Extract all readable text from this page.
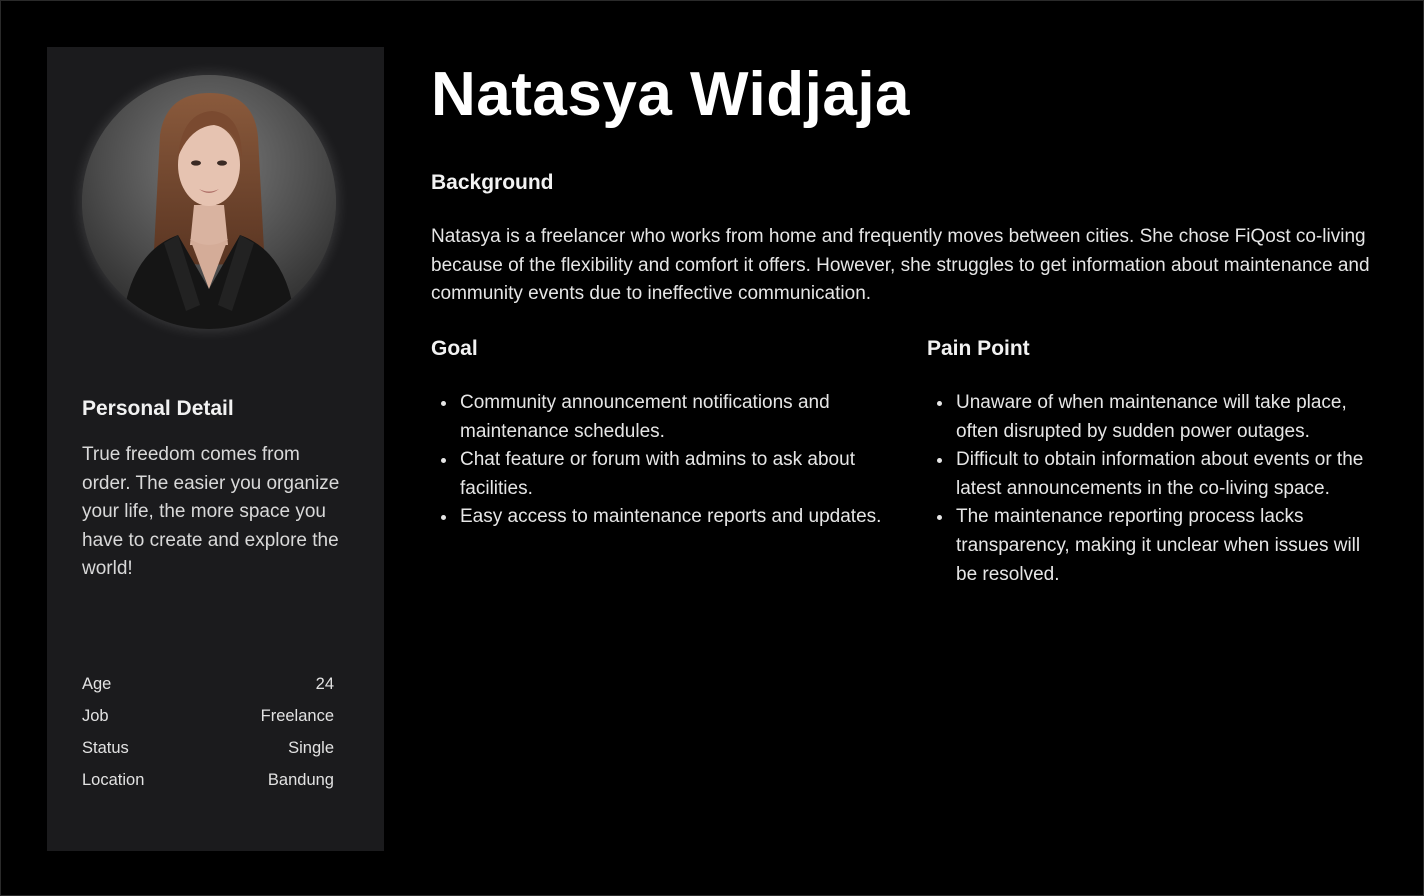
Personal Detail
True freedom comes from order. The easier you organize your life, the more space you have to create and explore the world!
Age	24
Job	Freelance
Status	Single
Location	Bandung
Natasya Widjaja
Background

Natasya is a freelancer who works from home and frequently moves between cities. She chose FiQost co-living because of the flexibility and comfort it offers. However, she struggles to get information about maintenance and community events due to ineffective communication.

Goal
Community announcement notifications and maintenance schedules.
Chat feature or forum with admins to ask about facilities.
Easy access to maintenance reports and updates.
Pain Point
Unaware of when maintenance will take place, often disrupted by sudden power outages.
Difficult to obtain information about events or the latest announcements in the co-living space.
The maintenance reporting process lacks transparency, making it unclear when issues will be resolved.
